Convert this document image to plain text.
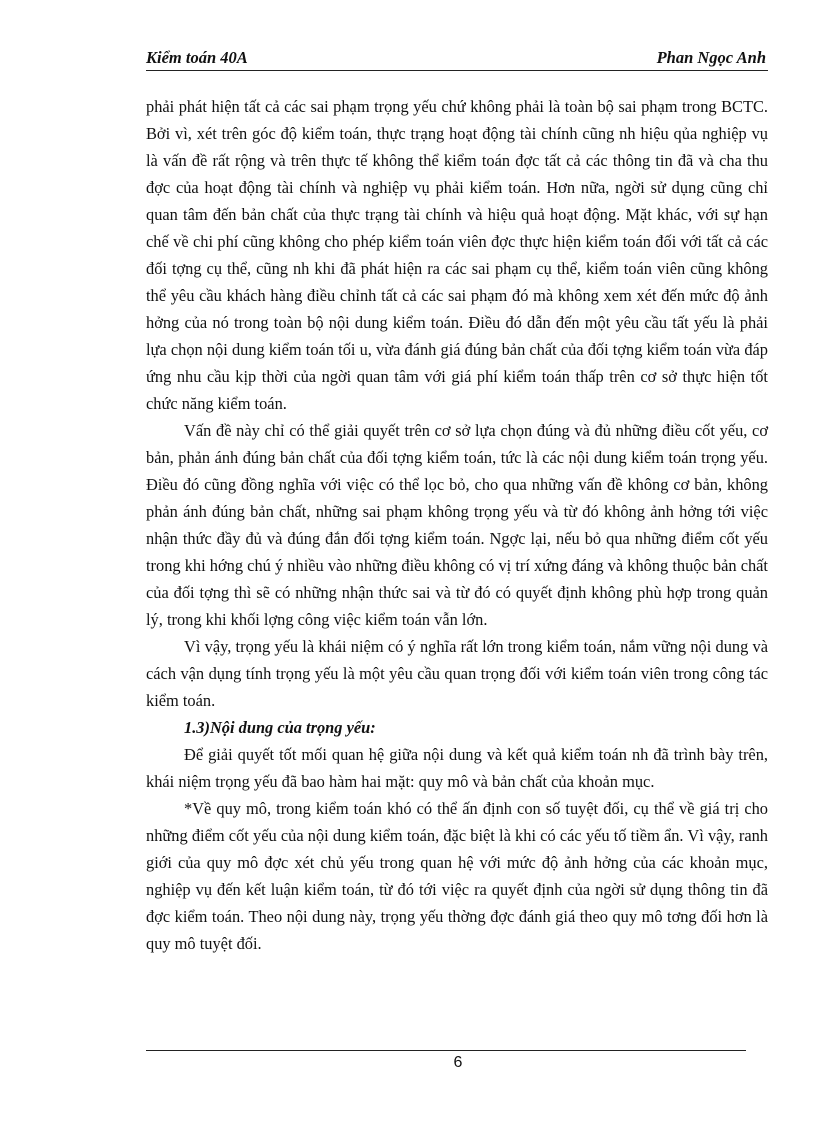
Kiểm toán 40A	Phan Ngọc Anh

phải phát hiện tất cả các sai phạm trọng yếu chứ không phải là toàn bộ sai phạm trong BCTC. Bởi vì, xét trên góc độ kiểm toán, thực trạng hoạt động tài chính cũng nh hiệu qủa nghiệp vụ là vấn đề rất rộng và trên thực tế không thể kiểm toán đợc tất cả các thông tin đã và cha thu đợc của hoạt động tài chính và nghiệp vụ phải kiểm toán. Hơn nữa, ngời sử dụng cũng chỉ quan tâm đến bản chất của thực trạng tài chính và hiệu quả hoạt động. Mặt khác, với sự hạn chế về chi phí cũng không cho phép kiểm toán viên đợc thực hiện kiểm toán đối với tất cả các đối tợng cụ thể, cũng nh khi đã phát hiện ra các sai phạm cụ thể, kiểm toán viên cũng không thể yêu cầu khách hàng điều chỉnh tất cả các sai phạm đó mà không xem xét đến mức độ ảnh hởng của nó trong toàn bộ nội dung kiểm toán. Điều đó dẫn đến một yêu cầu tất yếu là phải lựa chọn nội dung kiểm toán tối u, vừa đánh giá đúng bản chất của đối tợng kiểm toán vừa đáp ứng nhu cầu kịp thời của ngời quan tâm với giá phí kiểm toán thấp trên cơ sở thực hiện tốt chức năng kiểm toán.

Vấn đề này chỉ có thể giải quyết trên cơ sở lựa chọn đúng và đủ những điều cốt yếu, cơ bản, phản ánh đúng bản chất của đối tợng kiểm toán, tức là các nội dung kiểm toán trọng yếu. Điều đó cũng đồng nghĩa với việc có thể lọc bỏ, cho qua những vấn đề không cơ bản, không phản ánh đúng bản chất, những sai phạm không trọng yếu và từ đó không ảnh hởng tới việc nhận thức đầy đủ và đúng đắn đối tợng kiểm toán. Ngợc lại, nếu bỏ qua những điểm cốt yếu trong khi hớng chú ý nhiều vào những điều không có vị trí xứng đáng và không thuộc bản chất của đối tợng thì sẽ có những nhận thức sai và từ đó có quyết định không phù hợp trong quản lý, trong khi khối lợng công việc kiểm toán vẫn lớn.

Vì vậy, trọng yếu là khái niệm có ý nghĩa rất lớn trong kiểm toán, nắm vững nội dung và cách vận dụng tính trọng yếu là một yêu cầu quan trọng đối với kiểm toán viên trong công tác kiểm toán.

1.3)Nội dung của trọng yếu:

Để giải quyết tốt mối quan hệ giữa nội dung và kết quả kiểm toán nh đã trình bày trên, khái niệm trọng yếu đã bao hàm hai mặt: quy mô và bản chất của khoản mục.

*Về quy mô, trong kiểm toán khó có thể ấn định con số tuyệt đối, cụ thể về giá trị cho những điểm cốt yếu của nội dung kiểm toán, đặc biệt là khi có các yếu tố tiềm ẩn. Vì vậy, ranh giới của quy mô đợc xét chủ yếu trong quan hệ với mức độ ảnh hởng của các khoản mục, nghiệp vụ đến kết luận kiểm toán, từ đó tới việc ra quyết định của ngời sử dụng thông tin đã đợc kiểm toán. Theo nội dung này, trọng yếu thờng đợc đánh giá theo quy mô tơng đối hơn là quy mô tuyệt đối.

6
